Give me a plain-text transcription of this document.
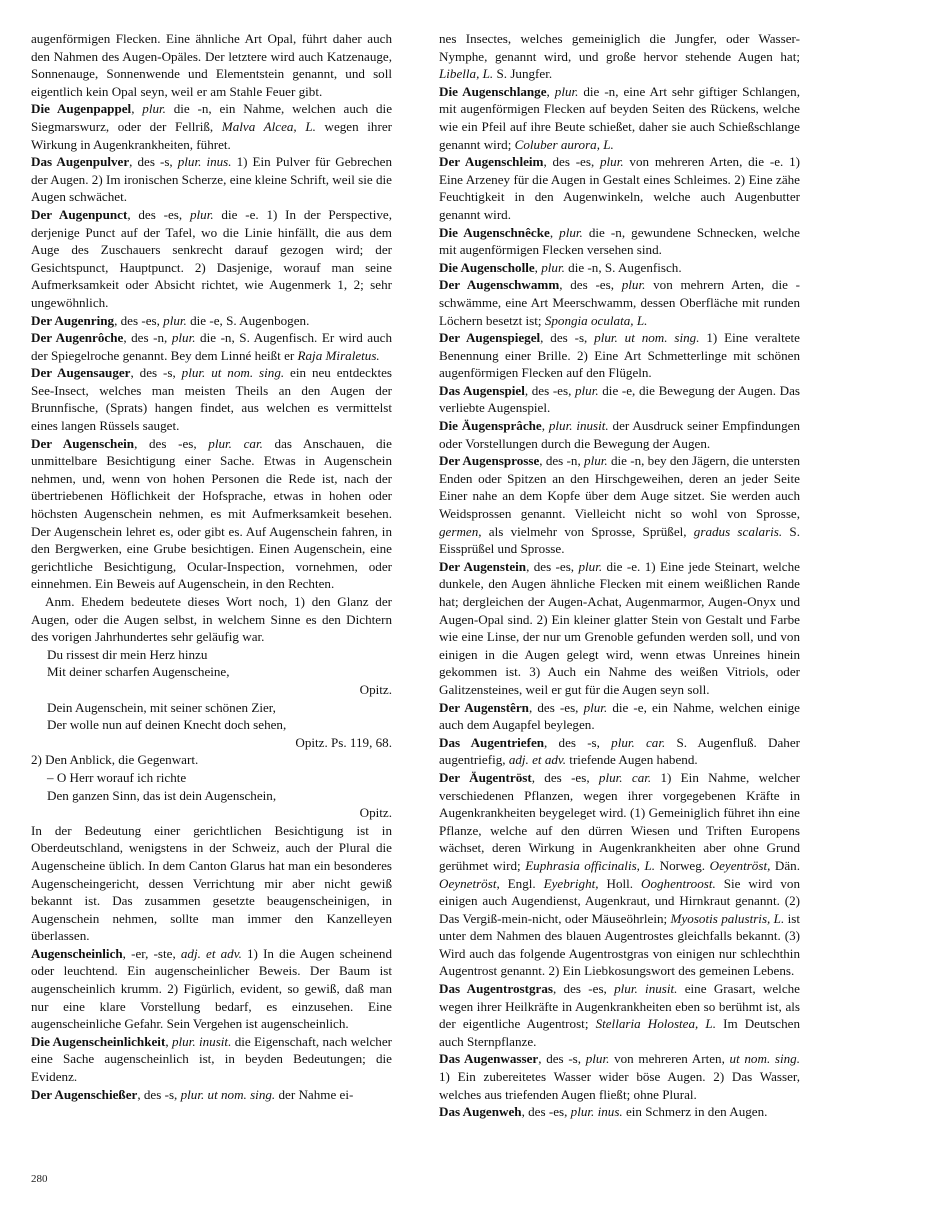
augenförmigen Flecken. Eine ähnliche Art Opal, führt daher auch den Nahmen des Augen-Opäles. Der letztere wird auch Katzenauge, Sonnenauge, Sonnenwende und Elementstein genannt, und soll eigentlich kein Opal seyn, weil er am Stahle Feuer gibt.
Die Augenpappel, plur. die -n, ein Nahme, welchen auch die Siegmarswurz, oder der Fellriß, Malva Alcea, L. wegen ihrer Wirkung in Augenkrankheiten, führet.
Das Augenpulver, des -s, plur. inus. 1) Ein Pulver für Gebrechen der Augen. 2) Im ironischen Scherze, eine kleine Schrift, weil sie die Augen schwächet.
Der Augenpunct, des -es, plur. die -e. 1) In der Perspective, derjenige Punct auf der Tafel, wo die Linie hinfällt, die aus dem Auge des Zuschauers senkrecht darauf gezogen wird; der Gesichtspunct, Hauptpunct. 2) Dasjenige, worauf man seine Aufmerksamkeit oder Absicht richtet, wie Augenmerk 1, 2; sehr ungewöhnlich.
Der Augenring, des -es, plur. die -e, S. Augenbogen.
Der Augenrôche, des -n, plur. die -n, S. Augenfisch. Er wird auch der Spiegelroche genannt. Bey dem Linné heißt er Raja Miraletus.
Der Augensauger, des -s, plur. ut nom. sing. ein neu entdecktes See-Insect, welches man meisten Theils an den Augen der Brunnfische, (Sprats) hangen findet, aus welchen es vermittelst eines langen Rüssels sauget.
Der Augenschein, des -es, plur. car. das Anschauen, die unmittelbare Besichtigung einer Sache. Etwas in Augenschein nehmen, und, wenn von hohen Personen die Rede ist, nach der übertriebenen Höflichkeit der Hofsprache, etwas in hohen oder höchsten Augenschein nehmen, es mit Aufmerksamkeit besehen. Der Augenschein lehret es, oder gibt es. Auf Augenschein fahren, in den Bergwerken, eine Grube besichtigen. Einen Augenschein, eine gerichtliche Besichtigung, Ocular-Inspection, vornehmen, oder einnehmen. Ein Beweis auf Augenschein, in den Rechten.
Anm. Ehedem bedeutete dieses Wort noch, 1) den Glanz der Augen, oder die Augen selbst, in welchem Sinne es den Dichtern des vorigen Jahrhundertes sehr geläufig war.
Du rissest dir mein Herz hinzu
Mit deiner scharfen Augenscheine,
Opitz.
Dein Augenschein, mit seiner schönen Zier,
Der wolle nun auf deinen Knecht doch sehen,
Opitz. Ps. 119, 68.
2) Den Anblick, die Gegenwart.
– O Herr worauf ich richte
Den ganzen Sinn, das ist dein Augenschein,
Opitz.
In der Bedeutung einer gerichtlichen Besichtigung ist in Oberdeutschland, wenigstens in der Schweiz, auch der Plural die Augenscheine üblich. In dem Canton Glarus hat man ein besonderes Augenscheingericht, dessen Verrichtung mir aber nicht gewiß bekannt ist. Das zusammen gesetzte beaugenscheinigen, in Augenschein nehmen, sollte man immer den Kanzelleyen überlassen.
Augenscheinlich, -er, -ste, adj. et adv. 1) In die Augen scheinend oder leuchtend. Ein augenscheinlicher Beweis. Der Baum ist augenscheinlich krumm. 2) Figürlich, evident, so gewiß, daß man nur eine klare Vorstellung bedarf, es einzusehen. Eine augenscheinliche Gefahr. Sein Vergehen ist augenscheinlich.
Die Augenscheinlichkeit, plur. inusit. die Eigenschaft, nach welcher eine Sache augenscheinlich ist, in beyden Bedeutungen; die Evidenz.
Der Augenschießer, des -s, plur. ut nom. sing. der Nahme ei-
nes Insectes, welches gemeiniglich die Jungfer, oder Wasser-Nymphe, genannt wird, und große hervor stehende Augen hat; Libella, L. S. Jungfer.
Die Augenschlange, plur. die -n, eine Art sehr giftiger Schlangen, mit augenförmigen Flecken auf beyden Seiten des Rückens, welche wie ein Pfeil auf ihre Beute schießet, daher sie auch Schießschlange genannt wird; Coluber aurora, L.
Der Augenschleim, des -es, plur. von mehreren Arten, die -e. 1) Eine Arzeney für die Augen in Gestalt eines Schleimes. 2) Eine zähe Feuchtigkeit in den Augenwinkeln, welche auch Augenbutter genannt wird.
Die Augenschnêcke, plur. die -n, gewundene Schnecken, welche mit augenförmigen Flecken versehen sind.
Die Augenscholle, plur. die -n, S. Augenfisch.
Der Augenschwamm, des -es, plur. von mehrern Arten, die -schwämme, eine Art Meerschwamm, dessen Oberfläche mit runden Löchern besetzt ist; Spongia oculata, L.
Der Augenspiegel, des -s, plur. ut nom. sing. 1) Eine veraltete Benennung einer Brille. 2) Eine Art Schmetterlinge mit schönen augenförmigen Flecken auf den Flügeln.
Das Augenspiel, des -es, plur. die -e, die Bewegung der Augen. Das verliebte Augenspiel.
Die Äugensprâche, plur. inusit. der Ausdruck seiner Empfindungen oder Vorstellungen durch die Bewegung der Augen.
Der Augensprosse, des -n, plur. die -n, bey den Jägern, die untersten Enden oder Spitzen an den Hirschgeweihen, deren an jeder Seite Einer nahe an dem Kopfe über dem Auge sitzet. Sie werden auch Weidsprossen genannt. Vielleicht nicht so wohl von Sprosse, germen, als vielmehr von Sprosse, Sprüßel, gradus scalaris. S. Eissprüßel und Sprosse.
Der Augenstein, des -es, plur. die -e. 1) Eine jede Steinart, welche dunkele, den Augen ähnliche Flecken mit einem weißlichen Rande hat; dergleichen der Augen-Achat, Augenmarmor, Augen-Onyx und Augen-Opal sind. 2) Ein kleiner glatter Stein von Gestalt und Farbe wie eine Linse, der nur um Grenoble gefunden werden soll, und von einigen in die Augen gelegt wird, wenn etwas Unreines hinein gekommen ist. 3) Auch ein Nahme des weißen Vitriols, oder Galitzensteines, weil er gut für die Augen seyn soll.
Der Augenstêrn, des -es, plur. die -e, ein Nahme, welchen einige auch dem Augapfel beylegen.
Das Augentriefen, des -s, plur. car. S. Augenfluß. Daher augentriefig, adj. et adv. triefende Augen habend.
Der Äugentröst, des -es, plur. car. 1) Ein Nahme, welcher verschiedenen Pflanzen, wegen ihrer vorgegebenen Kräfte in Augenkrankheiten beygeleget wird. (1) Gemeiniglich führet ihn eine Pflanze, welche auf den dürren Wiesen und Triften Europens wächset, deren Wirkung in Augenkrankheiten aber ohne Grund gerühmet wird; Euphrasia officinalis, L. Norweg. Oeyentröst, Dän. Oeynetröst, Engl. Eyebright, Holl. Ooghentroost. Sie wird von einigen auch Augendienst, Augenkraut, und Hirnkraut genannt. (2) Das Vergiß-mein-nicht, oder Mäuseöhrlein; Myosotis palustris, L. ist unter dem Nahmen des blauen Augentrostes gleichfalls bekannt. (3) Wird auch das folgende Augentrostgras von einigen nur schlechthin Augentrost genannt. 2) Ein Liebkosungswort des gemeinen Lebens.
Das Augentrostgras, des -es, plur. inusit. eine Grasart, welche wegen ihrer Heilkräfte in Augenkrankheiten eben so berühmt ist, als der eigentliche Augentrost; Stellaria Holostea, L. Im Deutschen auch Sternpflanze.
Das Augenwasser, des -s, plur. von mehreren Arten, ut nom. sing. 1) Ein zubereitetes Wasser wider böse Augen. 2) Das Wasser, welches aus triefenden Augen fließt; ohne Plural.
Das Augenweh, des -es, plur. inus. ein Schmerz in den Augen.
280
